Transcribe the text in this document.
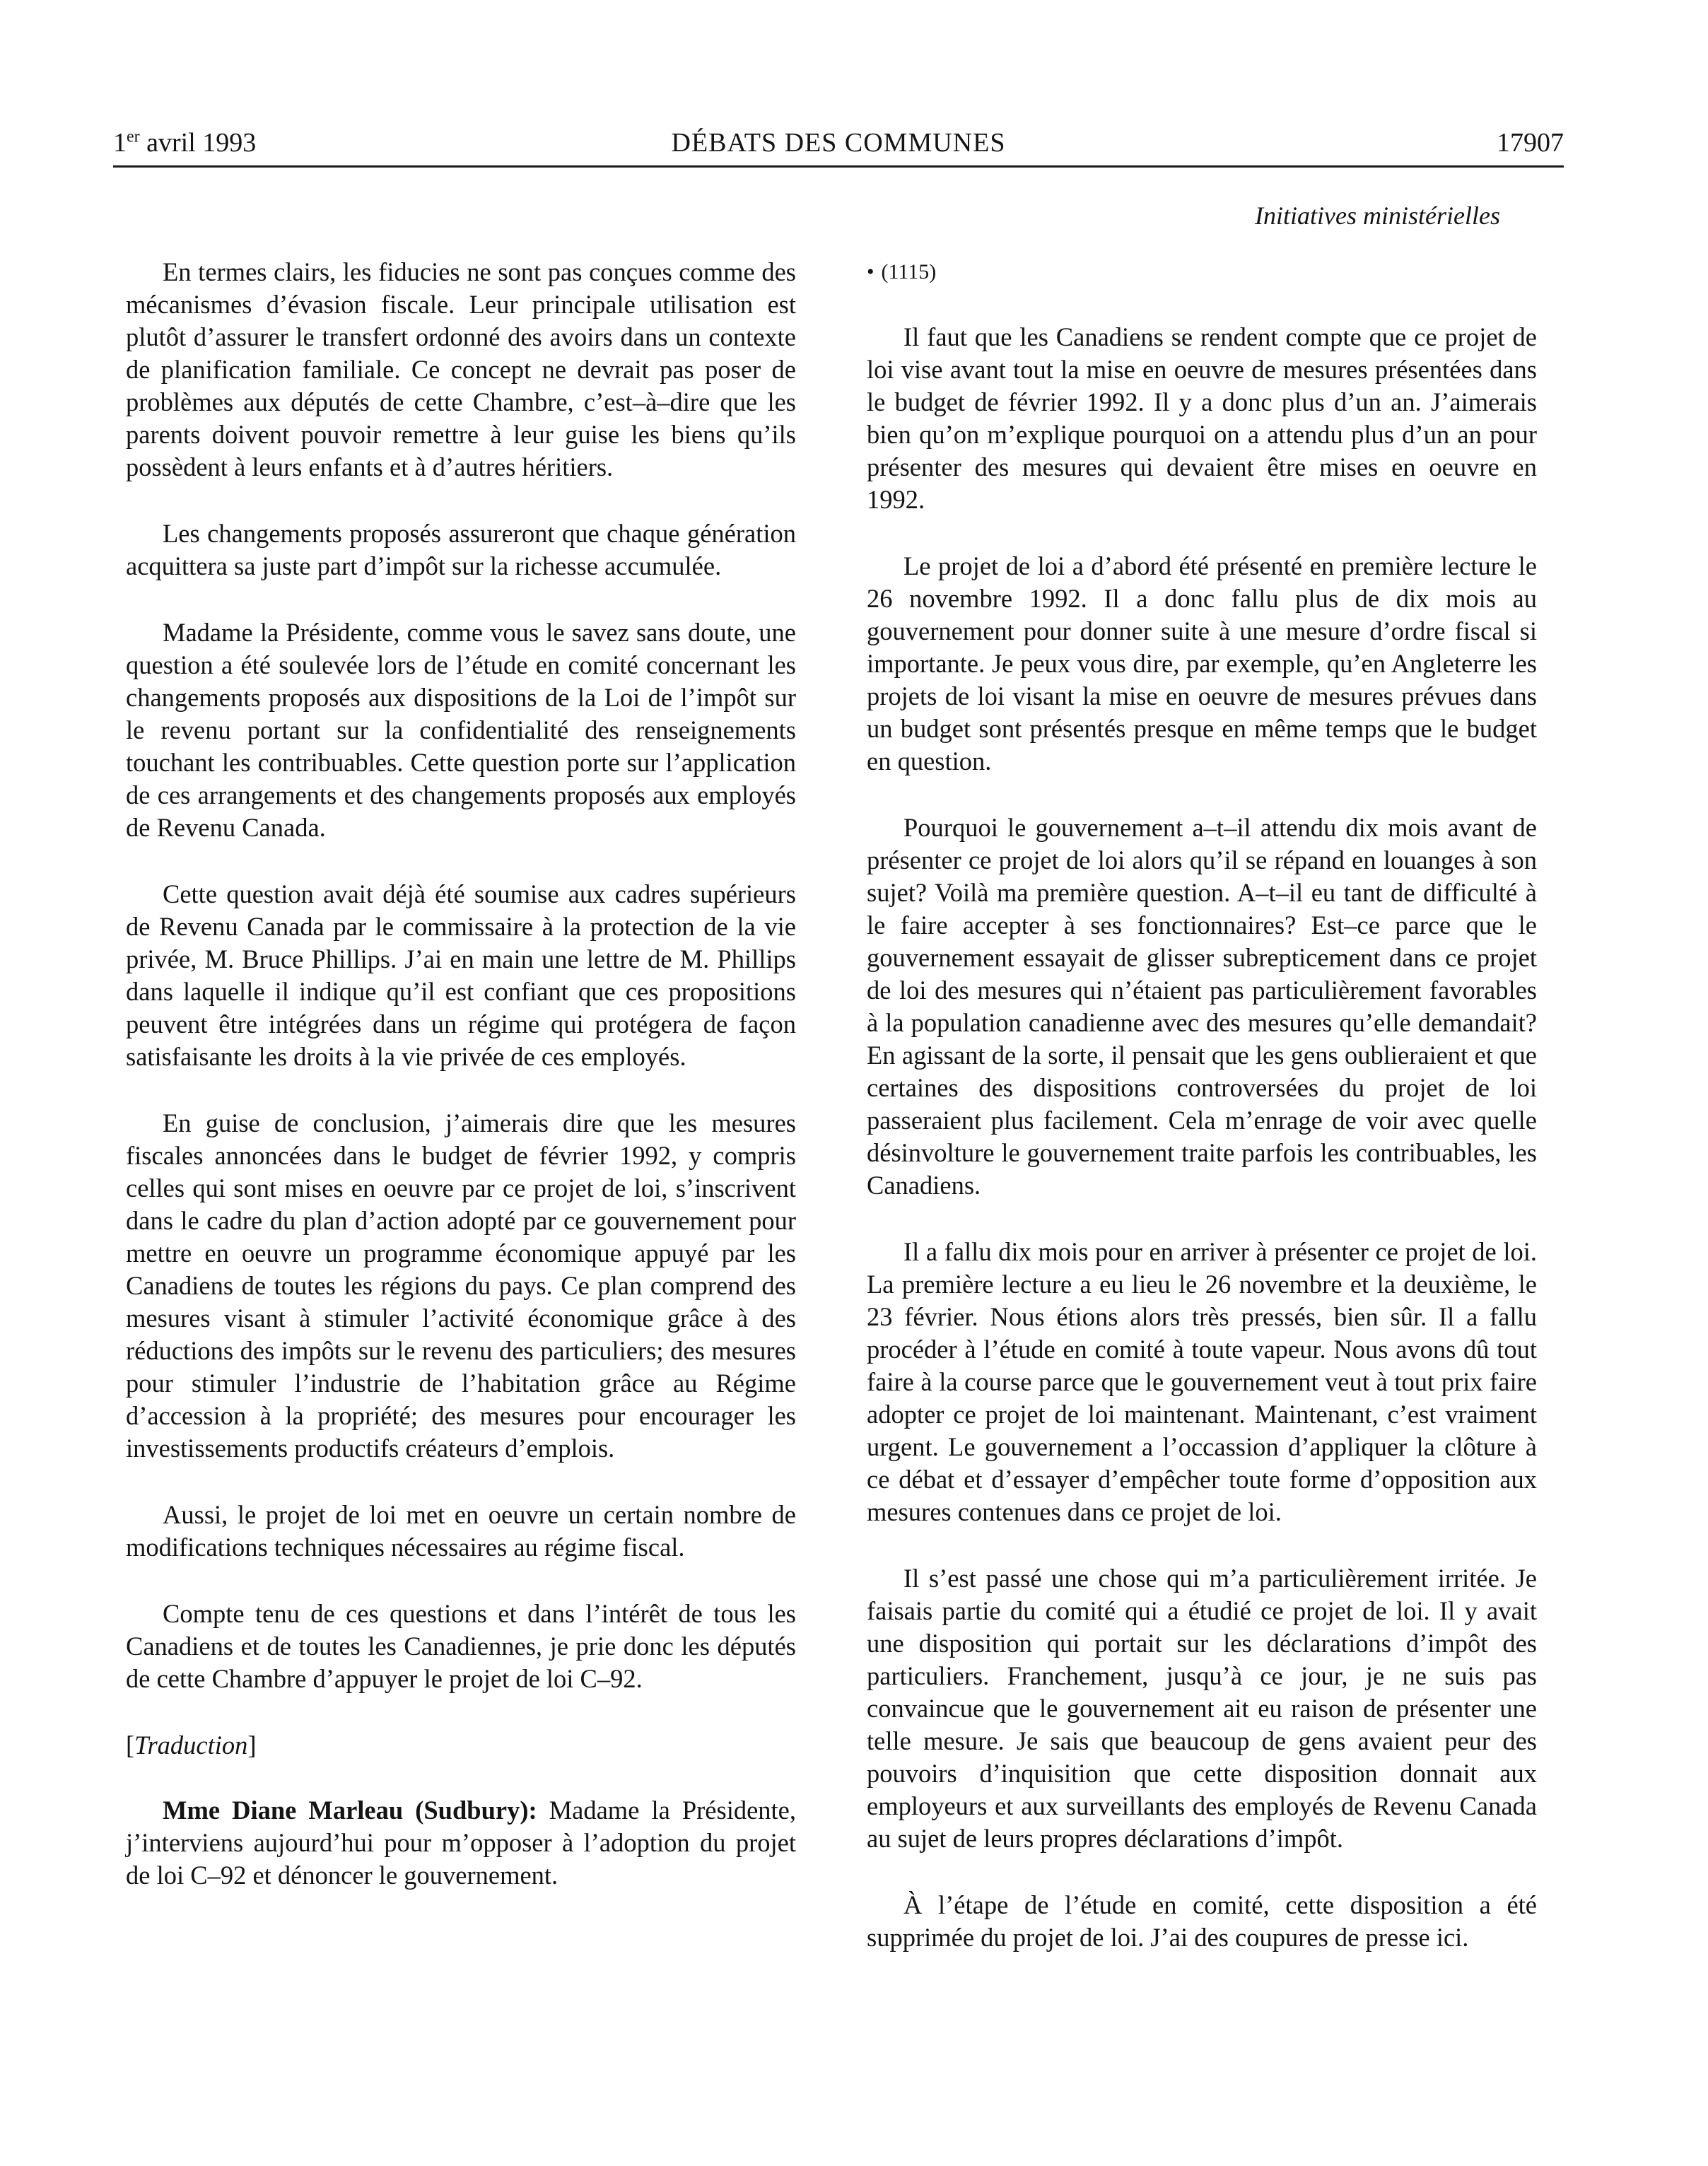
1er avril 1993	DÉBATS DES COMMUNES	17907
Initiatives ministérielles

En termes clairs, les fiducies ne sont pas conçues comme des mécanismes d’évasion fiscale. Leur principale utilisation est plutôt d’assurer le transfert ordonné des avoirs dans un contexte de planification familiale. Ce concept ne devrait pas poser de problèmes aux députés de cette Chambre, c’est–à–dire que les parents doivent pouvoir remettre à leur guise les biens qu’ils possèdent à leurs enfants et à d’autres héritiers.

Les changements proposés assureront que chaque génération acquittera sa juste part d’impôt sur la richesse accumulée.

Madame la Présidente, comme vous le savez sans doute, une question a été soulevée lors de l’étude en comité concernant les changements proposés aux dispositions de la Loi de l’impôt sur le revenu portant sur la confidentialité des renseignements touchant les contribuables. Cette question porte sur l’application de ces arrangements et des changements proposés aux employés de Revenu Canada.

Cette question avait déjà été soumise aux cadres supérieurs de Revenu Canada par le commissaire à la protection de la vie privée, M. Bruce Phillips. J’ai en main une lettre de M. Phillips dans laquelle il indique qu’il est confiant que ces propositions peuvent être intégrées dans un régime qui protégera de façon satisfaisante les droits à la vie privée de ces employés.

En guise de conclusion, j’aimerais dire que les mesures fiscales annoncées dans le budget de février 1992, y compris celles qui sont mises en oeuvre par ce projet de loi, s’inscrivent dans le cadre du plan d’action adopté par ce gouvernement pour mettre en oeuvre un programme économique appuyé par les Canadiens de toutes les régions du pays. Ce plan comprend des mesures visant à stimuler l’activité économique grâce à des réductions des impôts sur le revenu des particuliers; des mesures pour stimuler l’industrie de l’habitation grâce au Régime d’accession à la propriété; des mesures pour encourager les investissements productifs créateurs d’emplois.

Aussi, le projet de loi met en oeuvre un certain nombre de modifications techniques nécessaires au régime fiscal.

Compte tenu de ces questions et dans l’intérêt de tous les Canadiens et de toutes les Canadiennes, je prie donc les députés de cette Chambre d’appuyer le projet de loi C–92.

[Traduction]

Mme Diane Marleau (Sudbury): Madame la Présidente, j’interviens aujourd’hui pour m’opposer à l’adoption du projet de loi C–92 et dénoncer le gouvernement.

• (1115)

Il faut que les Canadiens se rendent compte que ce projet de loi vise avant tout la mise en oeuvre de mesures présentées dans le budget de février 1992. Il y a donc plus d’un an. J’aimerais bien qu’on m’explique pourquoi on a attendu plus d’un an pour présenter des mesures qui devaient être mises en oeuvre en 1992.

Le projet de loi a d’abord été présenté en première lecture le 26 novembre 1992. Il a donc fallu plus de dix mois au gouvernement pour donner suite à une mesure d’ordre fiscal si importante. Je peux vous dire, par exemple, qu’en Angleterre les projets de loi visant la mise en oeuvre de mesures prévues dans un budget sont présentés presque en même temps que le budget en question.

Pourquoi le gouvernement a–t–il attendu dix mois avant de présenter ce projet de loi alors qu’il se répand en louanges à son sujet? Voilà ma première question. A–t–il eu tant de difficulté à le faire accepter à ses fonctionnaires? Est–ce parce que le gouvernement essayait de glisser subrepticement dans ce projet de loi des mesures qui n’étaient pas particulièrement favorables à la population canadienne avec des mesures qu’elle demandait? En agissant de la sorte, il pensait que les gens oublieraient et que certaines des dispositions controversées du projet de loi passeraient plus facilement. Cela m’enrage de voir avec quelle désinvolture le gouvernement traite parfois les contribuables, les Canadiens.

Il a fallu dix mois pour en arriver à présenter ce projet de loi. La première lecture a eu lieu le 26 novembre et la deuxième, le 23 février. Nous étions alors très pressés, bien sûr. Il a fallu procéder à l’étude en comité à toute vapeur. Nous avons dû tout faire à la course parce que le gouvernement veut à tout prix faire adopter ce projet de loi maintenant. Maintenant, c’est vraiment urgent. Le gouvernement a l’occassion d’appliquer la clôture à ce débat et d’essayer d’empêcher toute forme d’opposition aux mesures contenues dans ce projet de loi.

Il s’est passé une chose qui m’a particulièrement irritée. Je faisais partie du comité qui a étudié ce projet de loi. Il y avait une disposition qui portait sur les déclarations d’impôt des particuliers. Franchement, jusqu’à ce jour, je ne suis pas convaincue que le gouvernement ait eu raison de présenter une telle mesure. Je sais que beaucoup de gens avaient peur des pouvoirs d’inquisition que cette disposition donnait aux employeurs et aux surveillants des employés de Revenu Canada au sujet de leurs propres déclarations d’impôt.

À l’étape de l’étude en comité, cette disposition a été supprimée du projet de loi. J’ai des coupures de presse ici.
